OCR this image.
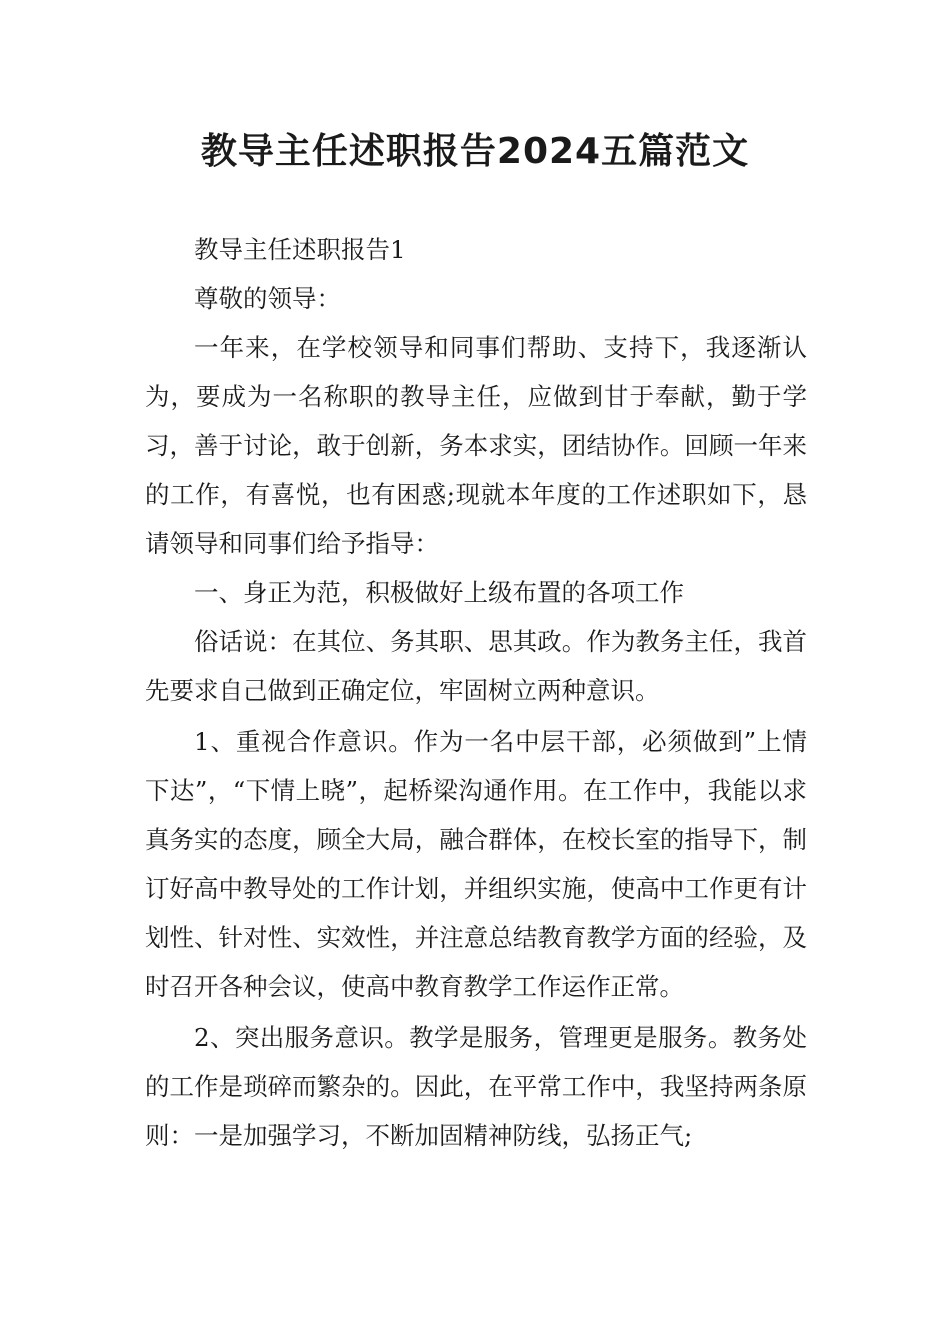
教导主任述职报告2024五篇范文

教导主任述职报告1

尊敬的领导：

一年来，在学校领导和同事们帮助、支持下，我逐渐认为，要成为一名称职的教导主任，应做到甘于奉献，勤于学习，善于讨论，敢于创新，务本求实，团结协作。回顾一年来的工作，有喜悦，也有困惑;现就本年度的工作述职如下，恳请领导和同事们给予指导：

一、身正为范，积极做好上级布置的各项工作

俗话说：在其位、务其职、思其政。作为教务主任，我首先要求自己做到正确定位，牢固树立两种意识。

1、重视合作意识。作为一名中层干部，必须做到”上情下达”，“下情上晓”，起桥梁沟通作用。在工作中，我能以求真务实的态度，顾全大局，融合群体，在校长室的指导下，制订好高中教导处的工作计划，并组织实施，使高中工作更有计划性、针对性、实效性，并注意总结教育教学方面的经验，及时召开各种会议，使高中教育教学工作运作正常。

2、突出服务意识。教学是服务，管理更是服务。教务处的工作是琐碎而繁杂的。因此，在平常工作中，我坚持两条原则：一是加强学习，不断加固精神防线，弘扬正气;
